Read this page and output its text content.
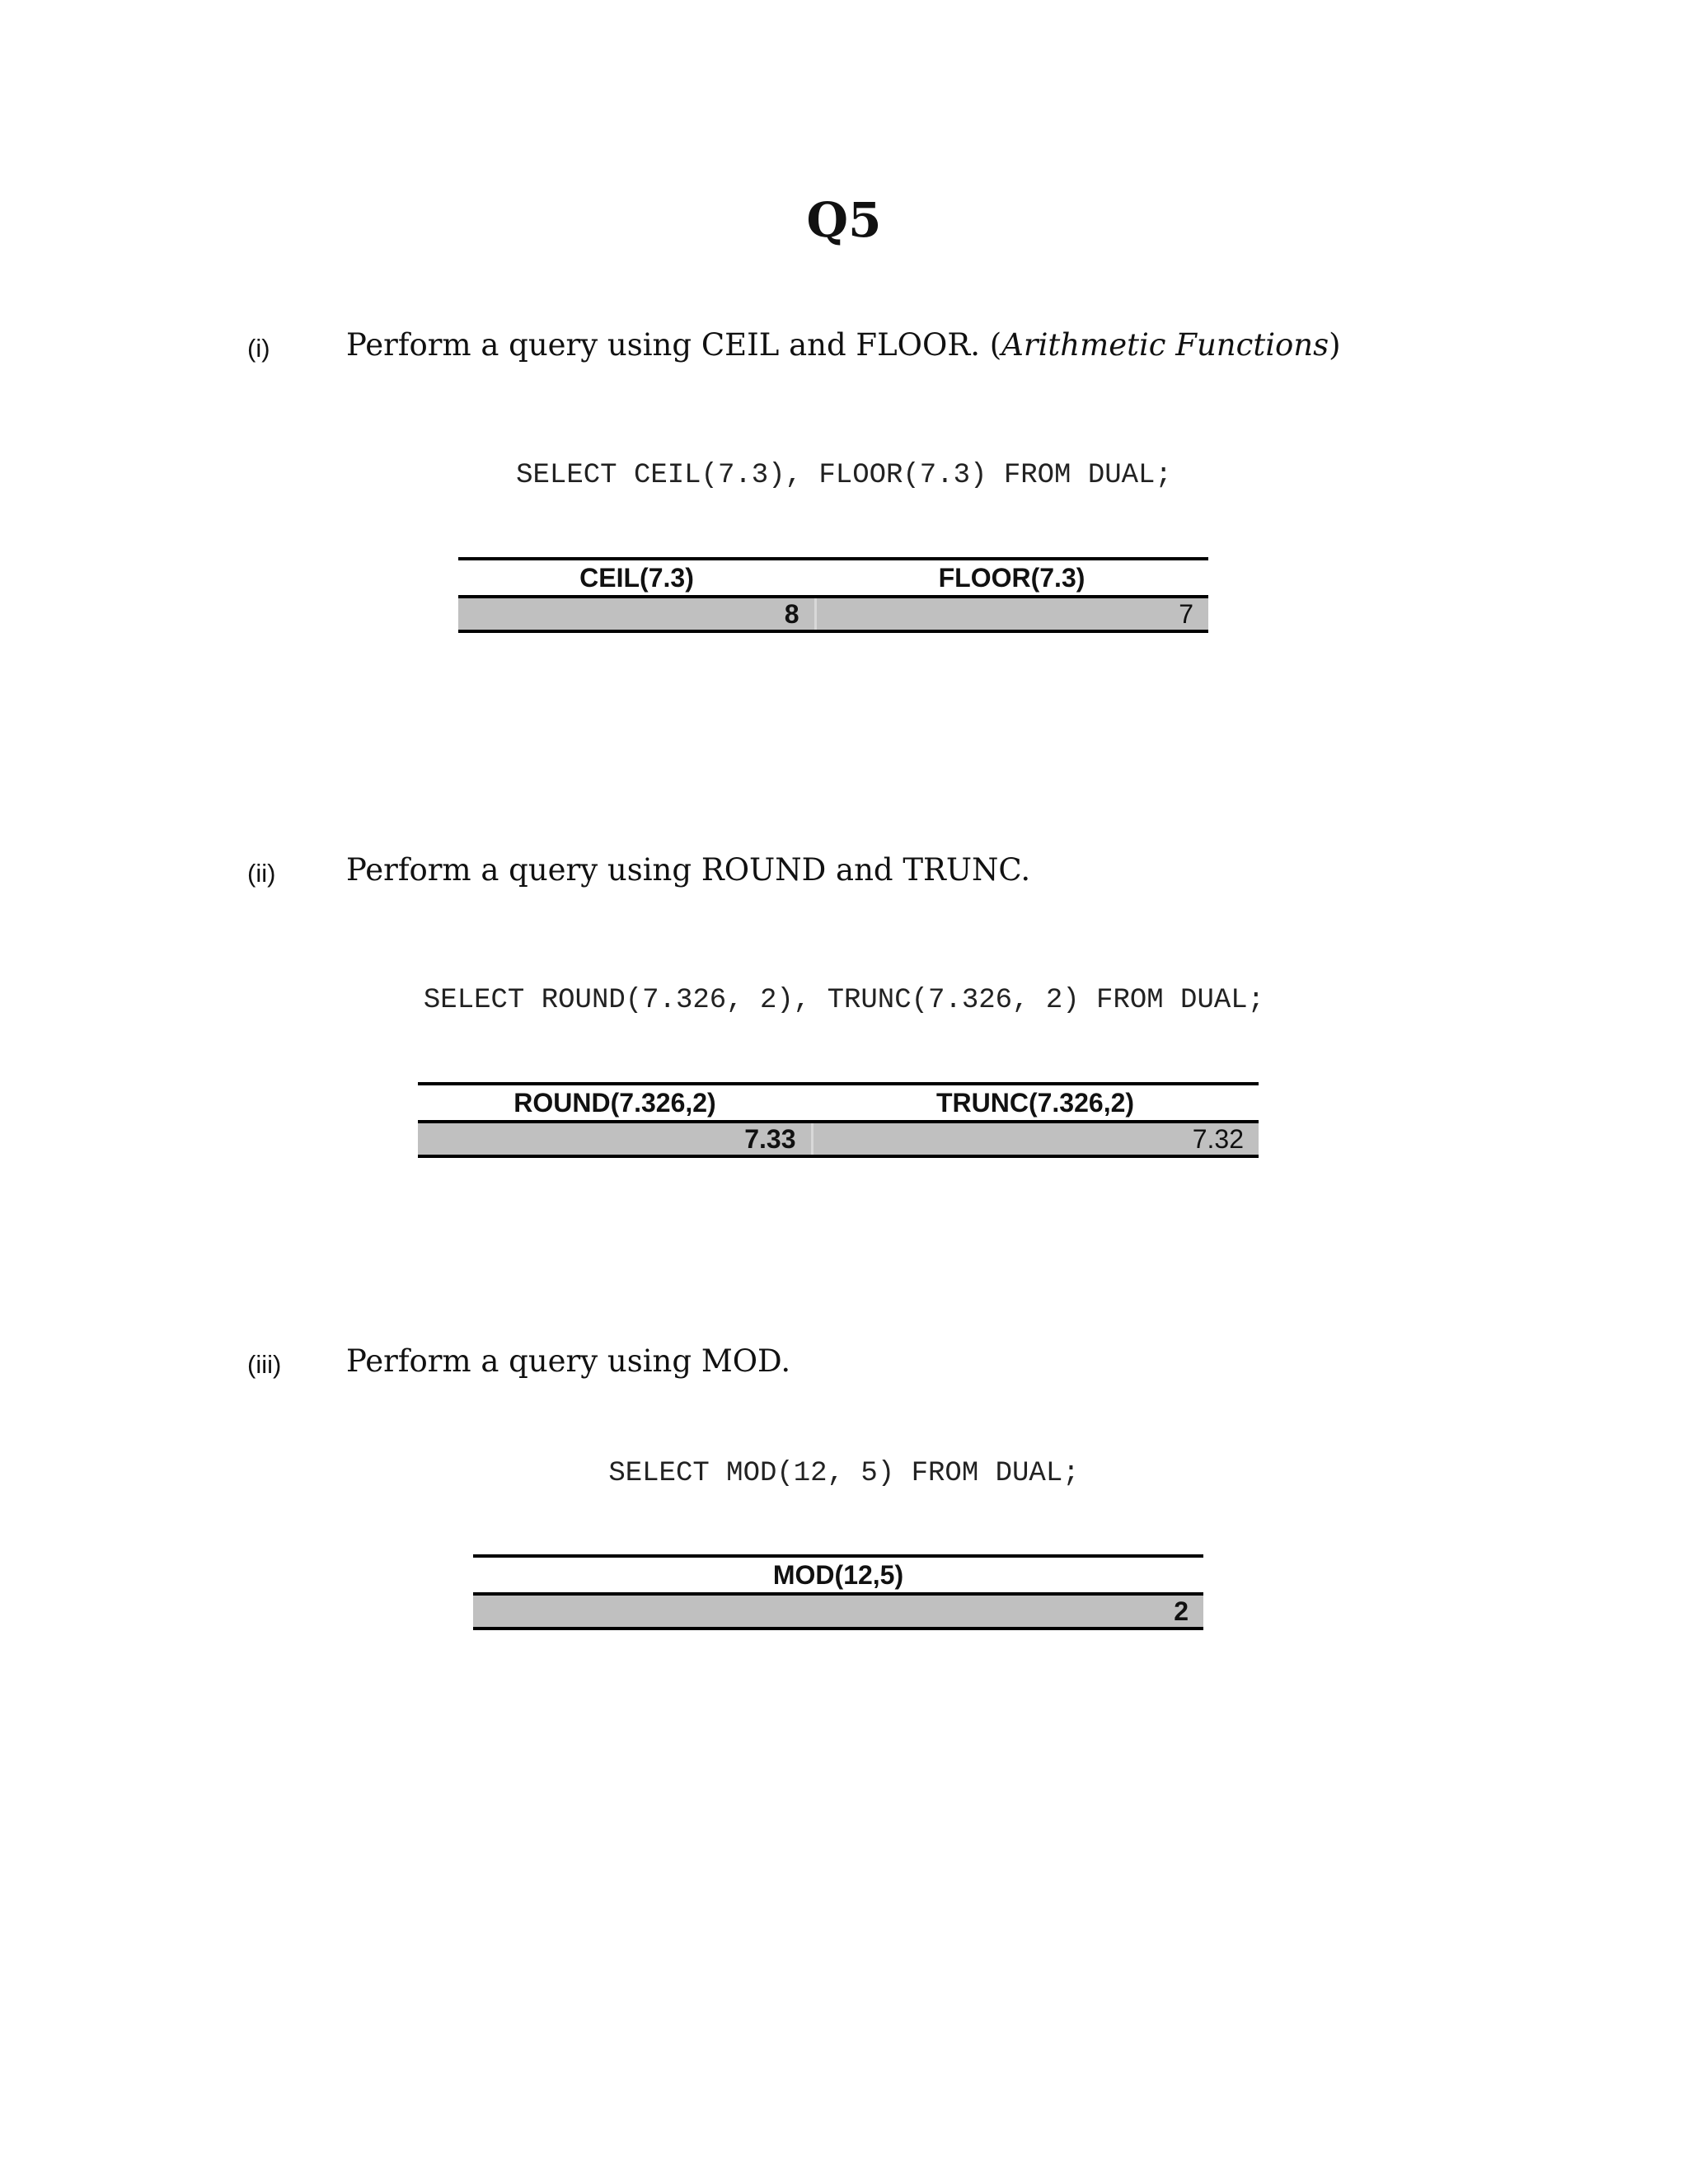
Q5
(i) Perform a query using CEIL and FLOOR. (Arithmetic Functions)
SELECT CEIL(7.3), FLOOR(7.3) FROM DUAL;
CEIL(7.3)	FLOOR(7.3)
8	7
(ii) Perform a query using ROUND and TRUNC.
SELECT ROUND(7.326, 2), TRUNC(7.326, 2) FROM DUAL;
ROUND(7.326,2)	TRUNC(7.326,2)
7.33	7.32
(iii) Perform a query using MOD.
SELECT MOD(12, 5) FROM DUAL;
MOD(12,5)
2
